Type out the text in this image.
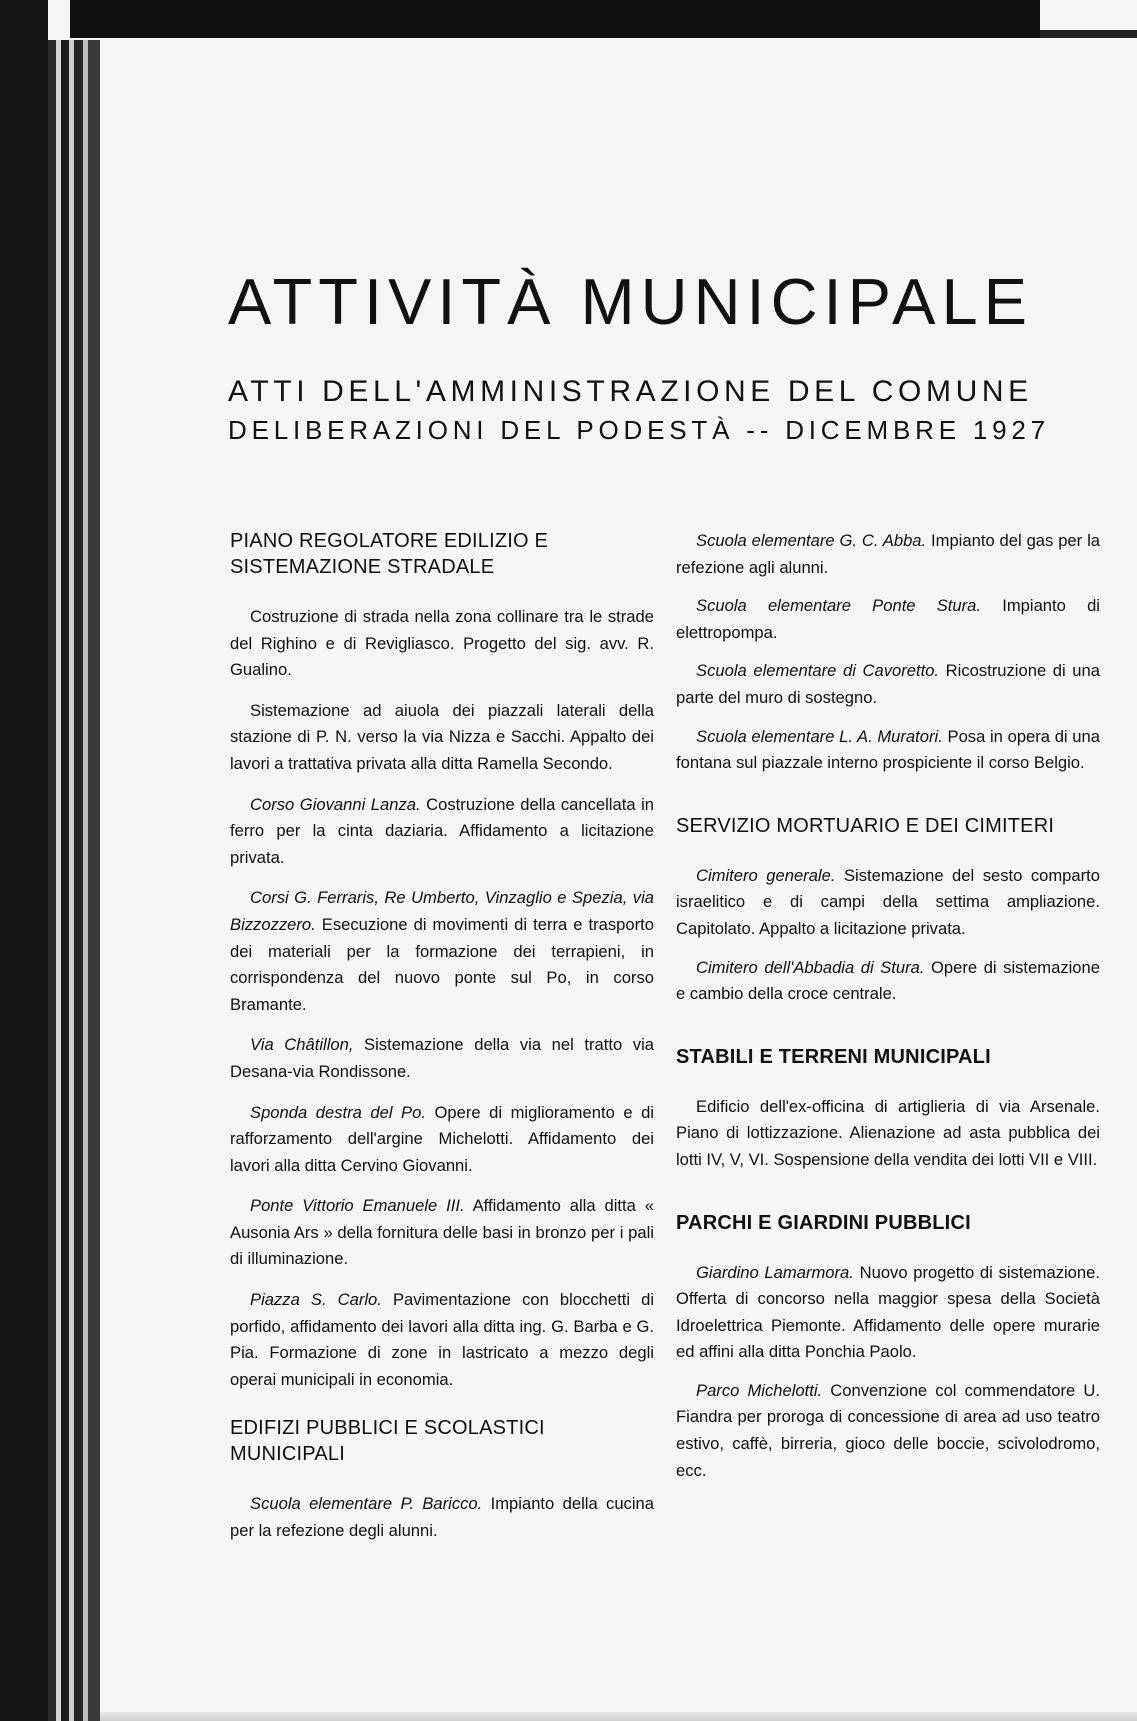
ATTIVITÀ MUNICIPALE
ATTI DELL'AMMINISTRAZIONE DEL COMUNE
DELIBERAZIONI DEL PODESTÀ -- DICEMBRE 1927
PIANO REGOLATORE EDILIZIO E SISTEMAZIONE STRADALE

Costruzione di strada nella zona collinare tra le strade del Righino e di Revigliasco. Progetto del sig. avv. R. Gualino.

Sistemazione ad aiuola dei piazzali laterali della stazione di P. N. verso la via Nizza e Sacchi. Appalto dei lavori a trattativa privata alla ditta Ramella Secondo.

Corso Giovanni Lanza. Costruzione della cancellata in ferro per la cinta daziaria. Affidamento a licitazione privata.

Corsi G. Ferraris, Re Umberto, Vinzaglio e Spezia, via Bizzozzero. Esecuzione di movimenti di terra e trasporto dei materiali per la formazione dei terrapieni, in corrispondenza del nuovo ponte sul Po, in corso Bramante.

Via Châtillon, Sistemazione della via nel tratto via Desana-via Rondissone.

Sponda destra del Po. Opere di miglioramento e di rafforzamento dell'argine Michelotti. Affidamento dei lavori alla ditta Cervino Giovanni.

Ponte Vittorio Emanuele III. Affidamento alla ditta « Ausonia Ars » della fornitura delle basi in bronzo per i pali di illuminazione.

Piazza S. Carlo. Pavimentazione con blocchetti di porfido, affidamento dei lavori alla ditta ing. G. Barba e G. Pia. Formazione di zone in lastricato a mezzo degli operai municipali in economia.

EDIFIZI PUBBLICI E SCOLASTICI MUNICIPALI

Scuola elementare P. Baricco. Impianto della cucina per la refezione degli alunni.

Scuola elementare G. C. Abba. Impianto del gas per la refezione agli alunni.

Scuola elementare Ponte Stura. Impianto di elettropompa.

Scuola elementare di Cavoretto. Ricostruzione di una parte del muro di sostegno.

Scuola elementare L. A. Muratori. Posa in opera di una fontana sul piazzale interno prospiciente il corso Belgio.

SERVIZIO MORTUARIO E DEI CIMITERI

Cimitero generale. Sistemazione del sesto comparto israelitico e di campi della settima ampliazione. Capitolato. Appalto a licitazione privata.

Cimitero dell'Abbadia di Stura. Opere di sistemazione e cambio della croce centrale.

STABILI E TERRENI MUNICIPALI

Edificio dell'ex-officina di artiglieria di via Arsenale. Piano di lottizzazione. Alienazione ad asta pubblica dei lotti IV, V, VI. Sospensione della vendita dei lotti VII e VIII.

PARCHI E GIARDINI PUBBLICI

Giardino Lamarmora. Nuovo progetto di sistemazione. Offerta di concorso nella maggior spesa della Società Idroelettrica Piemonte. Affidamento delle opere murarie ed affini alla ditta Ponchia Paolo.

Parco Michelotti. Convenzione col commendatore U. Fiandra per proroga di concessione di area ad uso teatro estivo, caffè, birreria, gioco delle boccie, scivolodromo, ecc.
